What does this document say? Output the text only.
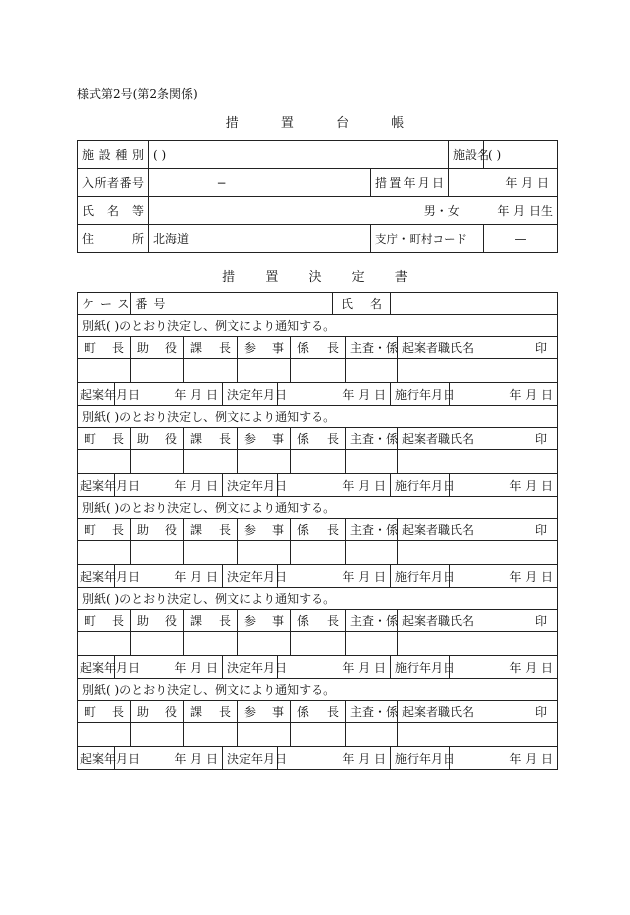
様式第2号(第2条関係)
措	置	台	帳
施設種別	( )		施設名	( )
入所者番号	−	措置年月日	年 月 日	
氏名等	男・女 年 月 日生			
住所	北海道	支庁・町村コード		—
措 置 決 定 書
ケース番号								氏名				
別紙( )のとおり決定し、例文により通知する。												
町長		助役	課長		参事		係長		主査・係		起案者職氏名 印	

起案年月日	年 月 日			決定年月日		年 月 日				施行年月日		年 月 日
別紙( )のとおり決定し、例文により通知する。												
町長		助役	課長		参事		係長		主査・係		起案者職氏名 印	

起案年月日	年 月 日			決定年月日		年 月 日				施行年月日		年 月 日
別紙( )のとおり決定し、例文により通知する。												
町長		助役	課長		参事		係長		主査・係		起案者職氏名 印	

起案年月日	年 月 日			決定年月日		年 月 日				施行年月日		年 月 日
別紙( )のとおり決定し、例文により通知する。												
町長		助役	課長		参事		係長		主査・係		起案者職氏名 印	

起案年月日	年 月 日			決定年月日		年 月 日				施行年月日		年 月 日
別紙( )のとおり決定し、例文により通知する。												
町長		助役	課長		参事		係長		主査・係		起案者職氏名 印	

起案年月日	年 月 日			決定年月日		年 月 日				施行年月日		年 月 日
